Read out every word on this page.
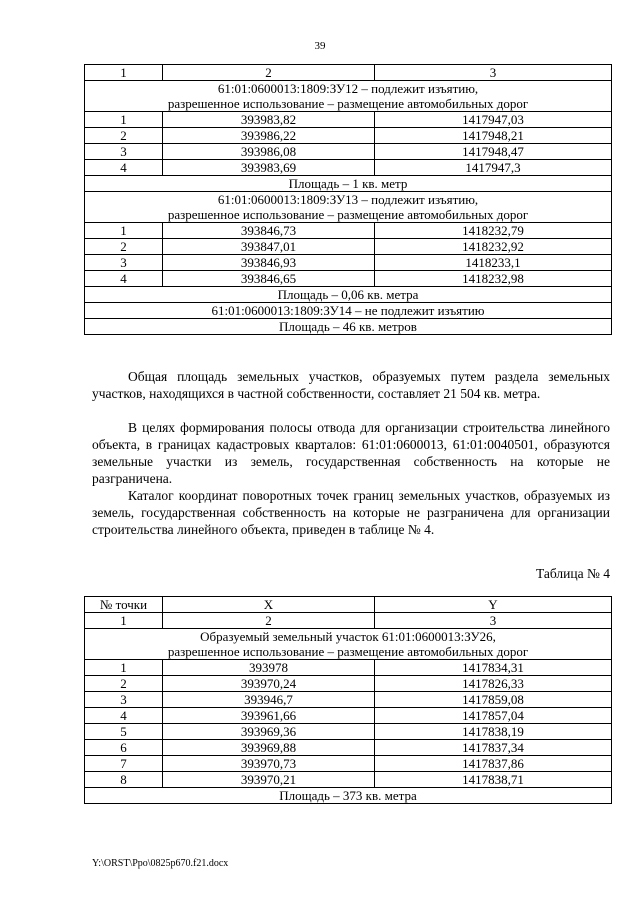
39
1	2	3

61:01:0600013:1809:ЗУ12 – подлежит изъятию,
разрешенное использование – размещение автомобильных дорог		

1	393983,82	1417947,03
2	393986,22	1417948,21
3	393986,08	1417948,47
4	393983,69	1417947,3
Площадь – 1 кв. метр		

61:01:0600013:1809:ЗУ13 – подлежит изъятию,
разрешенное использование – размещение автомобильных дорог		

1	393846,73	1418232,79
2	393847,01	1418232,92
3	393846,93	1418233,1
4	393846,65	1418232,98
Площадь – 0,06 кв. метра		
61:01:0600013:1809:ЗУ14 – не подлежит изъятию		
Площадь – 46 кв. метров		

Общая площадь земельных участков, образуемых путем раздела земельных участков, находящихся в частной собственности, составляет 21 504 кв. метра.

В целях формирования полосы отвода для организации строительства линейного объекта, в границах кадастровых кварталов: 61:01:0600013, 61:01:0040501, образуются земельные участки из земель, государственная собственность на которые не разграничена.

Каталог координат поворотных точек границ земельных участков, образуемых из земель, государственная собственность на которые не разграничена для организации строительства линейного объекта, приведен в таблице № 4.

Таблица № 4

№ точки	X	Y
1	2	3

Образуемый земельный участок 61:01:0600013:ЗУ26,
разрешенное использование – размещение автомобильных дорог		

1	393978	1417834,31
2	393970,24	1417826,33
3	393946,7	1417859,08
4	393961,66	1417857,04
5	393969,36	1417838,19
6	393969,88	1417837,34
7	393970,73	1417837,86
8	393970,21	1417838,71
Площадь – 373 кв. метра		

Y:\ORST\Ppo\0825p670.f21.docx
